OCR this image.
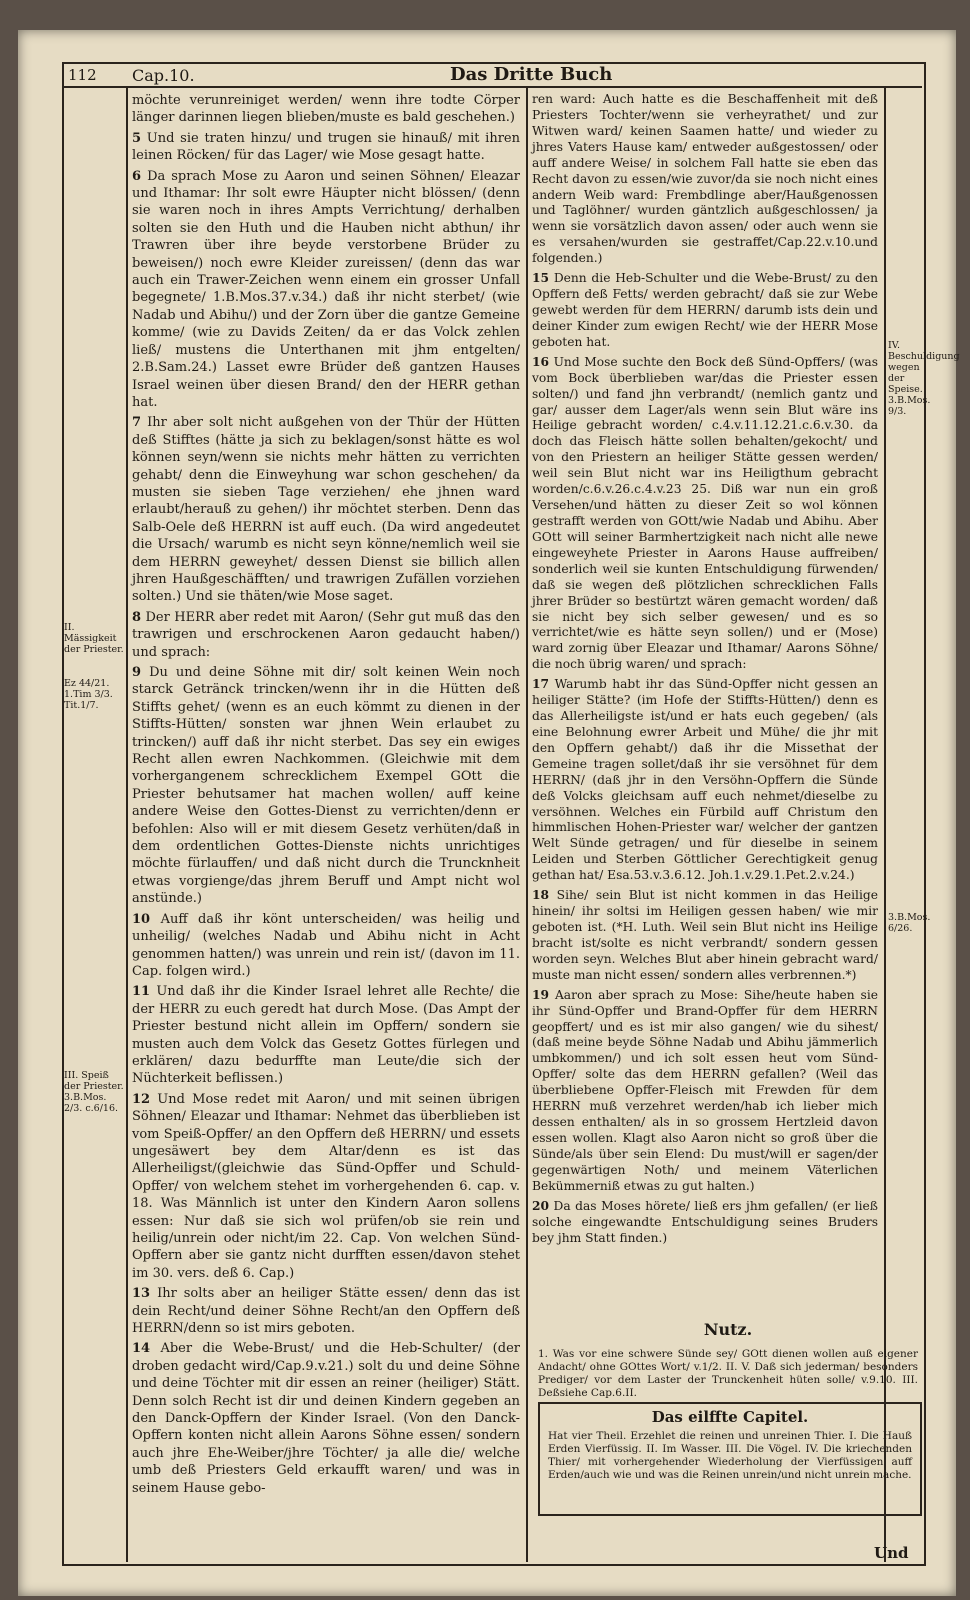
112 Cap.10.	Das Dritte Buch
II. Mässigkeit der Priester.
Ez 44/21. 1.Tim 3/3. Tit.1/7.
III. Speiß der Priester. 3.B.Mos. 2/3. c.6/16.
IV. Beschuldigung wegen der Speise. 3.B.Mos. 9/3.
3.B.Mos. 6/26.

möchte verunreiniget werden/ wenn ihre todte Cörper länger darinnen liegen blieben/muste es bald geschehen.)

5 Und sie traten hinzu/ und trugen sie hinauß/ mit ihren leinen Röcken/ für das Lager/ wie Mose gesagt hatte.

6 Da sprach Mose zu Aaron und seinen Söhnen/ Eleazar und Ithamar: Ihr solt ewre Häupter nicht blössen/ (denn sie waren noch in ihres Ampts Verrichtung/ derhalben solten sie den Huth und die Hauben nicht abthun/ ihr Trawren über ihre beyde verstorbene Brüder zu beweisen/) noch ewre Kleider zureissen/ (denn das war auch ein Trawer-Zeichen wenn einem ein grosser Unfall begegnete/ 1.B.Mos.37.v.34.) daß ihr nicht sterbet/ (wie Nadab und Abihu/) und der Zorn über die gantze Gemeine komme/ (wie zu Davids Zeiten/ da er das Volck zehlen ließ/ mustens die Unterthanen mit jhm entgelten/ 2.B.Sam.24.) Lasset ewre Brüder deß gantzen Hauses Israel weinen über diesen Brand/ den der HERR gethan hat.

7 Ihr aber solt nicht außgehen von der Thür der Hütten deß Stifftes (hätte ja sich zu beklagen/sonst hätte es wol können seyn/wenn sie nichts mehr hätten zu verrichten gehabt/ denn die Einweyhung war schon geschehen/ da musten sie sieben Tage verziehen/ ehe jhnen ward erlaubt/herauß zu gehen/) ihr möchtet sterben. Denn das Salb-Oele deß HERRN ist auff euch. (Da wird angedeutet die Ursach/ warumb es nicht seyn könne/nemlich weil sie dem HERRN geweyhet/ dessen Dienst sie billich allen jhren Haußgeschäfften/ und trawrigen Zufällen vorziehen solten.) Und sie thäten/wie Mose saget.

8 Der HERR aber redet mit Aaron/ (Sehr gut muß das den trawrigen und erschrockenen Aaron gedaucht haben/) und sprach:

9 Du und deine Söhne mit dir/ solt keinen Wein noch starck Getränck trincken/wenn ihr in die Hütten deß Stiffts gehet/ (wenn es an euch kömmt zu dienen in der Stiffts-Hütten/ sonsten war jhnen Wein erlaubet zu trincken/) auff daß ihr nicht sterbet. Das sey ein ewiges Recht allen ewren Nachkommen. (Gleichwie mit dem vorhergangenem schrecklichem Exempel GOtt die Priester behutsamer hat machen wollen/ auff keine andere Weise den Gottes-Dienst zu verrichten/denn er befohlen: Also will er mit diesem Gesetz verhüten/daß in dem ordentlichen Gottes-Dienste nichts unrichtiges möchte fürlauffen/ und daß nicht durch die Truncknheit etwas vorgienge/das jhrem Beruff und Ampt nicht wol anstünde.)

10 Auff daß ihr könt unterscheiden/ was heilig und unheilig/ (welches Nadab und Abihu nicht in Acht genommen hatten/) was unrein und rein ist/ (davon im 11. Cap. folgen wird.)

11 Und daß ihr die Kinder Israel lehret alle Rechte/ die der HERR zu euch geredt hat durch Mose. (Das Ampt der Priester bestund nicht allein im Opffern/ sondern sie musten auch dem Volck das Gesetz Gottes fürlegen und erklären/ dazu bedurffte man Leute/die sich der Nüchterkeit beflissen.)

12 Und Mose redet mit Aaron/ und mit seinen übrigen Söhnen/ Eleazar und Ithamar: Nehmet das überblieben ist vom Speiß-Opffer/ an den Opffern deß HERRN/ und essets ungesäwert bey dem Altar/denn es ist das Allerheiligst/(gleichwie das Sünd-Opffer und Schuld-Opffer/ von welchem stehet im vorhergehenden 6. cap. v. 18. Was Männlich ist unter den Kindern Aaron sollens essen: Nur daß sie sich wol prüfen/ob sie rein und heilig/unrein oder nicht/im 22. Cap. Von welchen Sünd-Opffern aber sie gantz nicht durfften essen/davon stehet im 30. vers. deß 6. Cap.)

13 Ihr solts aber an heiliger Stätte essen/ denn das ist dein Recht/und deiner Söhne Recht/an den Opffern deß HERRN/denn so ist mirs geboten.

14 Aber die Webe-Brust/ und die Heb-Schulter/ (der droben gedacht wird/Cap.9.v.21.) solt du und deine Söhne und deine Töchter mit dir essen an reiner (heiliger) Stätt. Denn solch Recht ist dir und deinen Kindern gegeben an den Danck-Opffern der Kinder Israel. (Von den Danck-Opffern konten nicht allein Aarons Söhne essen/ sondern auch jhre Ehe-Weiber/jhre Töchter/ ja alle die/ welche umb deß Priesters Geld erkaufft waren/ und was in seinem Hause gebo-

ren ward: Auch hatte es die Beschaffenheit mit deß Priesters Tochter/wenn sie verheyrathet/ und zur Witwen ward/ keinen Saamen hatte/ und wieder zu jhres Vaters Hause kam/ entweder außgestossen/ oder auff andere Weise/ in solchem Fall hatte sie eben das Recht davon zu essen/wie zuvor/da sie noch nicht eines andern Weib ward: Frembdlinge aber/Haußgenossen und Taglöhner/ wurden gäntzlich außgeschlossen/ ja wenn sie vorsätzlich davon assen/ oder auch wenn sie es versahen/wurden sie gestraffet/Cap.22.v.10.und folgenden.)

15 Denn die Heb-Schulter und die Webe-Brust/ zu den Opffern deß Fetts/ werden gebracht/ daß sie zur Webe gewebt werden für dem HERRN/ darumb ists dein und deiner Kinder zum ewigen Recht/ wie der HERR Mose geboten hat.

16 Und Mose suchte den Bock deß Sünd-Opffers/ (was vom Bock überblieben war/das die Priester essen solten/) und fand jhn verbrandt/ (nemlich gantz und gar/ ausser dem Lager/als wenn sein Blut wäre ins Heilige gebracht worden/ c.4.v.11.12.21.c.6.v.30. da doch das Fleisch hätte sollen behalten/gekocht/ und von den Priestern an heiliger Stätte gessen werden/ weil sein Blut nicht war ins Heiligthum gebracht worden/c.6.v.26.c.4.v.23 25. Diß war nun ein groß Versehen/und hätten zu dieser Zeit so wol können gestrafft werden von GOtt/wie Nadab und Abihu. Aber GOtt will seiner Barmhertzigkeit nach nicht alle newe eingeweyhete Priester in Aarons Hause auffreiben/ sonderlich weil sie kunten Entschuldigung fürwenden/ daß sie wegen deß plötzlichen schrecklichen Falls jhrer Brüder so bestürtzt wären gemacht worden/ daß sie nicht bey sich selber gewesen/ und es so verrichtet/wie es hätte seyn sollen/) und er (Mose) ward zornig über Eleazar und Ithamar/ Aarons Söhne/ die noch übrig waren/ und sprach:

17 Warumb habt ihr das Sünd-Opffer nicht gessen an heiliger Stätte? (im Hofe der Stiffts-Hütten/) denn es das Allerheiligste ist/und er hats euch gegeben/ (als eine Belohnung ewrer Arbeit und Mühe/ die jhr mit den Opffern gehabt/) daß ihr die Missethat der Gemeine tragen sollet/daß ihr sie versöhnet für dem HERRN/ (daß jhr in den Versöhn-Opffern die Sünde deß Volcks gleichsam auff euch nehmet/dieselbe zu versöhnen. Welches ein Fürbild auff Christum den himmlischen Hohen-Priester war/ welcher der gantzen Welt Sünde getragen/ und für dieselbe in seinem Leiden und Sterben Göttlicher Gerechtigkeit genug gethan hat/ Esa.53.v.3.6.12. Joh.1.v.29.1.Pet.2.v.24.)

18 Sihe/ sein Blut ist nicht kommen in das Heilige hinein/ ihr soltsi im Heiligen gessen haben/ wie mir geboten ist. (*H. Luth. Weil sein Blut nicht ins Heilige bracht ist/solte es nicht verbrandt/ sondern gessen worden seyn. Welches Blut aber hinein gebracht ward/ muste man nicht essen/ sondern alles verbrennen.*)

19 Aaron aber sprach zu Mose: Sihe/heute haben sie ihr Sünd-Opffer und Brand-Opffer für dem HERRN geopffert/ und es ist mir also gangen/ wie du sihest/ (daß meine beyde Söhne Nadab und Abihu jämmerlich umbkommen/) und ich solt essen heut vom Sünd-Opffer/ solte das dem HERRN gefallen? (Weil das überbliebene Opffer-Fleisch mit Frewden für dem HERRN muß verzehret werden/hab ich lieber mich dessen enthalten/ als in so grossem Hertzleid davon essen wollen. Klagt also Aaron nicht so groß über die Sünde/als über sein Elend: Du must/will er sagen/der gegenwärtigen Noth/ und meinem Väterlichen Bekümmerniß etwas zu gut halten.)

20 Da das Moses hörete/ ließ ers jhm gefallen/ (er ließ solche eingewandte Entschuldigung seines Bruders bey jhm Statt finden.)

Nutz.
1. Was vor eine schwere Sünde sey/ GOtt dienen wollen auß eigener Andacht/ ohne GOttes Wort/ v.1/2. II. V. Daß sich jederman/ besonders Prediger/ vor dem Laster der Trunckenheit hüten solle/ v.9.10. III. Deßsiehe Cap.6.II.
Das eilffte Capitel.
Hat vier Theil. Erzehlet die reinen und unreinen Thier. I. Die Hauß Erden Vierfüssig. II. Im Wasser. III. Die Vögel. IV. Die kriechenden Thier/ mit vorhergehender Wiederholung der Vierfüssigen auff Erden/auch wie und was die Reinen unrein/und nicht unrein mache.
Und
